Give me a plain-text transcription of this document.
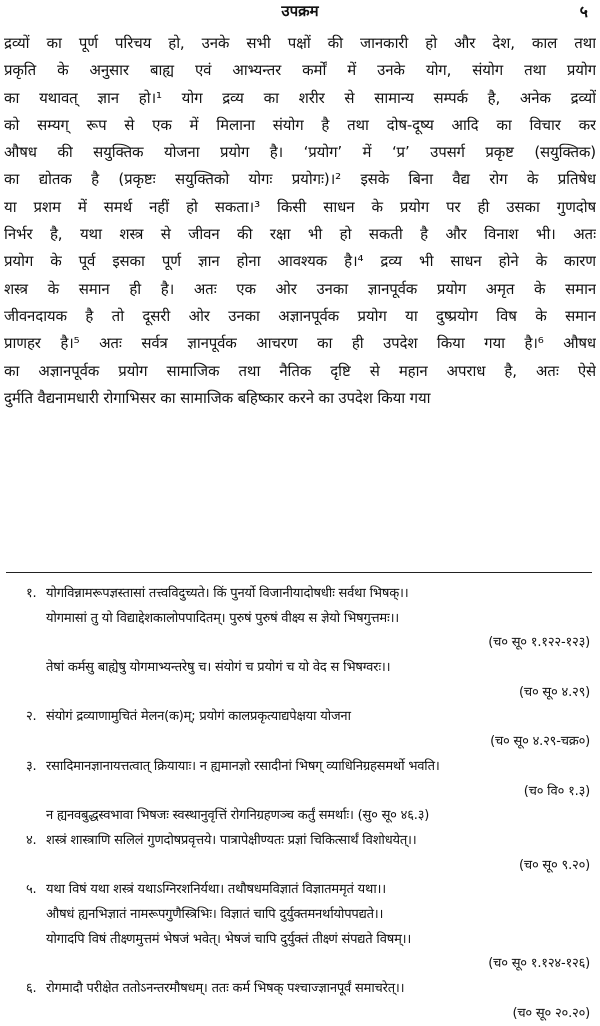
उपक्रम	५
द्रव्यों का पूर्ण परिचय हो, उनके सभी पक्षों की जानकारी हो और देश, काल तथा
प्रकृति के अनुसार बाह्य एवं आभ्यन्तर कर्मों में उनके योग, संयोग तथा प्रयोग
का यथावत् ज्ञान हो।¹ योग द्रव्य का शरीर से सामान्य सम्पर्क है, अनेक द्रव्यों
को सम्यग् रूप से एक में मिलाना संयोग है तथा दोष-दूष्य आदि का विचार कर
औषध की सयुक्तिक योजना प्रयोग है। ‘प्रयोग’ में ‘प्र’ उपसर्ग प्रकृष्ट (सयुक्तिक)
का द्योतक है (प्रकृष्टः सयुक्तिको योगः प्रयोगः)।² इसके बिना वैद्य रोग के प्रतिषेध
या प्रशम में समर्थ नहीं हो सकता।³ किसी साधन के प्रयोग पर ही उसका गुणदोष
निर्भर है, यथा शस्त्र से जीवन की रक्षा भी हो सकती है और विनाश भी। अतः
प्रयोग के पूर्व इसका पूर्ण ज्ञान होना आवश्यक है।⁴ द्रव्य भी साधन होने के कारण
शस्त्र के समान ही है। अतः एक ओर उनका ज्ञानपूर्वक प्रयोग अमृत के समान
जीवनदायक है तो दूसरी ओर उनका अज्ञानपूर्वक प्रयोग या दुष्प्रयोग विष के समान
प्राणहर है।⁵ अतः सर्वत्र ज्ञानपूर्वक आचरण का ही उपदेश किया गया है।⁶ औषध
का अज्ञानपूर्वक प्रयोग सामाजिक तथा नैतिक दृष्टि से महान अपराध है, अतः ऐसे
दुर्मति वैद्यनामधारी रोगाभिसर का सामाजिक बहिष्कार करने का उपदेश किया गया
१. योगविन्नामरूपज्ञस्तासां तत्त्वविदुच्यते। किं पुनर्यो विजानीयादोषधीः सर्वथा भिषक्।।
योगमासां तु यो विद्याद्देशकालोपपादितम्। पुरुषं पुरुषं वीक्ष्य स ज्ञेयो भिषगुत्तमः।।
(च० सू० १.१२२-१२३)
तेषां कर्मसु बाह्येषु योगमाभ्यन्तरेषु च। संयोगं च प्रयोगं च यो वेद स भिषग्वरः।।
(च० सू० ४.२९)
२. संयोगं द्रव्याणामुचितं मेलन(क)म्; प्रयोगं कालप्रकृत्याद्यपेक्षया योजना
(च० सू० ४.२९-चक्र०)
३. रसादिमानज्ञानायत्तत्वात् क्रियायाः। न ह्यमानज्ञो रसादीनां भिषग् व्याधिनिग्रहसमर्थो भवति।
(च० वि० १.३)
न ह्यनवबुद्धस्वभावा भिषजः स्वस्थानुवृत्तिं रोगनिग्रहणञ्च कर्तुं समर्थाः। (सु० सू० ४६.३)
४. शस्त्रं शास्त्राणि सलिलं गुणदोषप्रवृत्तये। पात्रापेक्षीण्यतः प्रज्ञां चिकित्सार्थं विशोधयेत्।।
(च० सू० ९.२०)
५. यथा विषं यथा शस्त्रं यथाऽग्निरशनिर्यथा। तथौषधमविज्ञातं विज्ञातममृतं यथा।।
औषधं ह्यनभिज्ञातं नामरूपगुणैस्त्रिभिः। विज्ञातं चापि दुर्युक्तमनर्थायोपपद्यते।।
योगादपि विषं तीक्ष्णमुत्तमं भेषजं भवेत्। भेषजं चापि दुर्युक्तं तीक्ष्णं संपद्यते विषम्।।
(च० सू० १.१२४-१२६)
६. रोगमादौ परीक्षेत ततोऽनन्तरमौषधम्। ततः कर्म भिषक् पश्चाज्ज्ञानपूर्वं समाचरेत्।।
(च० सू० २०.२०)
